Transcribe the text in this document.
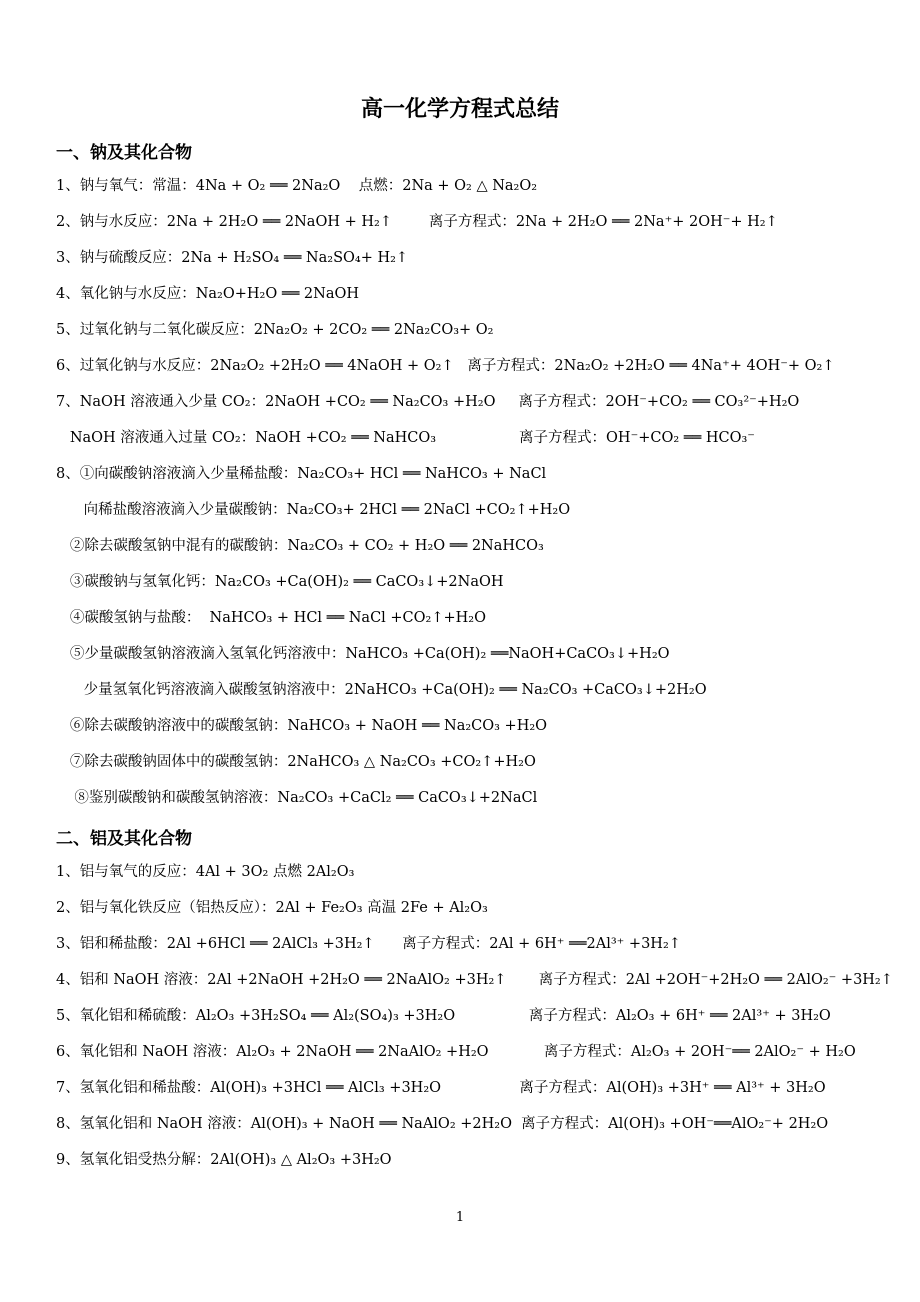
高一化学方程式总结
一、钠及其化合物
1、钠与氧气：常温：4Na + O₂ ══ 2Na₂O    点燃：2Na + O₂ △ Na₂O₂
2、钠与水反应：2Na + 2H₂O ══ 2NaOH + H₂↑        离子方程式：2Na + 2H₂O ══ 2Na⁺+ 2OH⁻+ H₂↑
3、钠与硫酸反应：2Na + H₂SO₄ ══ Na₂SO₄+ H₂↑
4、氧化钠与水反应：Na₂O+H₂O ══ 2NaOH
5、过氧化钠与二氧化碳反应：2Na₂O₂ + 2CO₂ ══ 2Na₂CO₃+ O₂
6、过氧化钠与水反应：2Na₂O₂ +2H₂O ══ 4NaOH + O₂↑   离子方程式：2Na₂O₂ +2H₂O ══ 4Na⁺+ 4OH⁻+ O₂↑
7、NaOH 溶液通入少量 CO₂：2NaOH +CO₂ ══ Na₂CO₃ +H₂O     离子方程式：2OH⁻+CO₂ ══ CO₃²⁻+H₂O
NaOH 溶液通入过量 CO₂：NaOH +CO₂ ══ NaHCO₃                  离子方程式：OH⁻+CO₂ ══ HCO₃⁻
8、①向碳酸钠溶液滴入少量稀盐酸：Na₂CO₃+ HCl ══ NaHCO₃ + NaCl
向稀盐酸溶液滴入少量碳酸钠：Na₂CO₃+ 2HCl ══ 2NaCl +CO₂↑+H₂O
②除去碳酸氢钠中混有的碳酸钠：Na₂CO₃ + CO₂ + H₂O ══ 2NaHCO₃
③碳酸钠与氢氧化钙：Na₂CO₃ +Ca(OH)₂ ══ CaCO₃↓+2NaOH
④碳酸氢钠与盐酸：  NaHCO₃ + HCl ══ NaCl +CO₂↑+H₂O
⑤少量碳酸氢钠溶液滴入氢氧化钙溶液中：NaHCO₃ +Ca(OH)₂ ══NaOH+CaCO₃↓+H₂O
少量氢氧化钙溶液滴入碳酸氢钠溶液中：2NaHCO₃ +Ca(OH)₂ ══ Na₂CO₃ +CaCO₃↓+2H₂O
⑥除去碳酸钠溶液中的碳酸氢钠：NaHCO₃ + NaOH ══ Na₂CO₃ +H₂O
⑦除去碳酸钠固体中的碳酸氢钠：2NaHCO₃ △ Na₂CO₃ +CO₂↑+H₂O
⑧鉴别碳酸钠和碳酸氢钠溶液：Na₂CO₃ +CaCl₂ ══ CaCO₃↓+2NaCl
二、铝及其化合物
1、铝与氧气的反应：4Al + 3O₂ 点燃 2Al₂O₃
2、铝与氧化铁反应（铝热反应）：2Al + Fe₂O₃ 高温 2Fe + Al₂O₃
3、铝和稀盐酸：2Al +6HCl ══ 2AlCl₃ +3H₂↑      离子方程式：2Al + 6H⁺ ══2Al³⁺ +3H₂↑
4、铝和 NaOH 溶液：2Al +2NaOH +2H₂O ══ 2NaAlO₂ +3H₂↑       离子方程式：2Al +2OH⁻+2H₂O ══ 2AlO₂⁻ +3H₂↑
5、氧化铝和稀硫酸：Al₂O₃ +3H₂SO₄ ══ Al₂(SO₄)₃ +3H₂O                离子方程式：Al₂O₃ + 6H⁺ ══ 2Al³⁺ + 3H₂O
6、氧化铝和 NaOH 溶液：Al₂O₃ + 2NaOH ══ 2NaAlO₂ +H₂O            离子方程式：Al₂O₃ + 2OH⁻══ 2AlO₂⁻ + H₂O
7、氢氧化铝和稀盐酸：Al(OH)₃ +3HCl ══ AlCl₃ +3H₂O                 离子方程式：Al(OH)₃ +3H⁺ ══ Al³⁺ + 3H₂O
8、氢氧化铝和 NaOH 溶液：Al(OH)₃ + NaOH ══ NaAlO₂ +2H₂O  离子方程式：Al(OH)₃ +OH⁻══AlO₂⁻+ 2H₂O
9、氢氧化铝受热分解：2Al(OH)₃ △ Al₂O₃ +3H₂O
1
